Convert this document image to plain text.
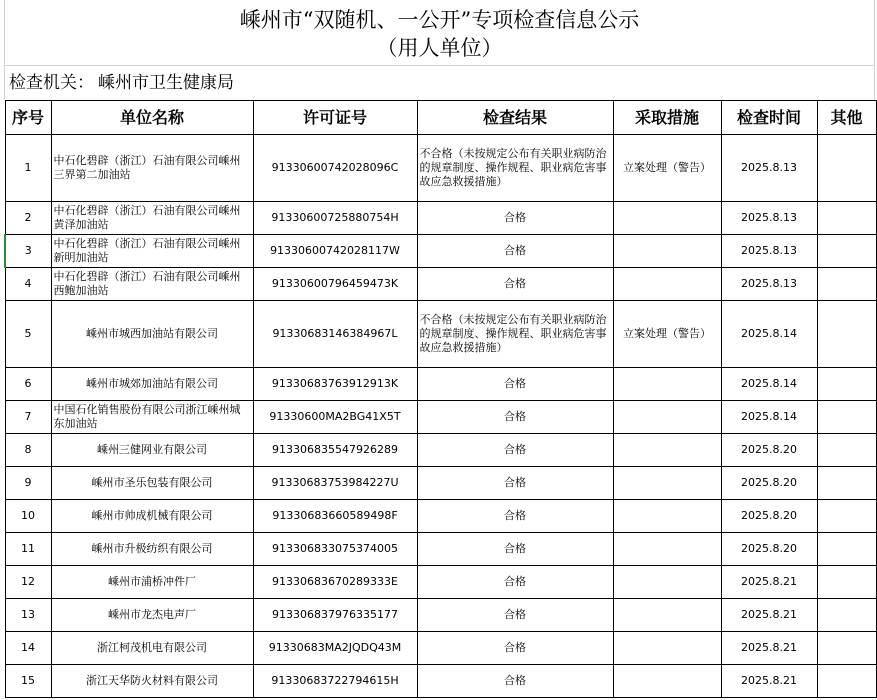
嵊州市“双随机、一公开”专项检查信息公示
（用人单位）
检查机关： 嵊州市卫生健康局
序号	单位名称	许可证号	检查结果	采取措施	检查时间	其他
1	中石化碧辟（浙江）石油有限公司嵊州三界第二加油站	91330600742028096C	不合格（未按规定公布有关职业病防治的规章制度、操作规程、职业病危害事故应急救援措施）	立案处理（警告）	2025.8.13	
2	中石化碧辟（浙江）石油有限公司嵊州黄泽加油站	91330600725880754H	合格		2025.8.13	
3	中石化碧辟（浙江）石油有限公司嵊州新明加油站	91330600742028117W	合格		2025.8.13	
4	中石化碧辟（浙江）石油有限公司嵊州西鲍加油站	91330600796459473K	合格		2025.8.13	
5	嵊州市城西加油站有限公司	91330683146384967L	不合格（未按规定公布有关职业病防治的规章制度、操作规程、职业病危害事故应急救援措施）	立案处理（警告）	2025.8.14	
6	嵊州市城郊加油站有限公司	91330683763912913K	合格		2025.8.14	
7	中国石化销售股份有限公司浙江嵊州城东加油站	91330600MA2BG41X5T	合格		2025.8.14	
8	嵊州三健网业有限公司	91330683554792628​9	合格		2025.8.20	
9	嵊州市圣乐包装有限公司	91330683753984227U	合格		2025.8.20	
10	嵊州市帅成机械有限公司	91330683660589498F	合格		2025.8.20	
11	嵊州市升极纺织有限公司	91330683307537400​5	合格		2025.8.20	
12	嵊州市浦桥冲件厂	91330683670289333E	合格		2025.8.21	
13	嵊州市龙杰电声厂	91330683797633517​7	合格		2025.8.21	
14	浙江柯茂机电有限公司	91330683MA2JQDQ43M	合格		2025.8.21	
15	浙江天华防火材料有限公司	91330683722794615H	合格		2025.8.21	
